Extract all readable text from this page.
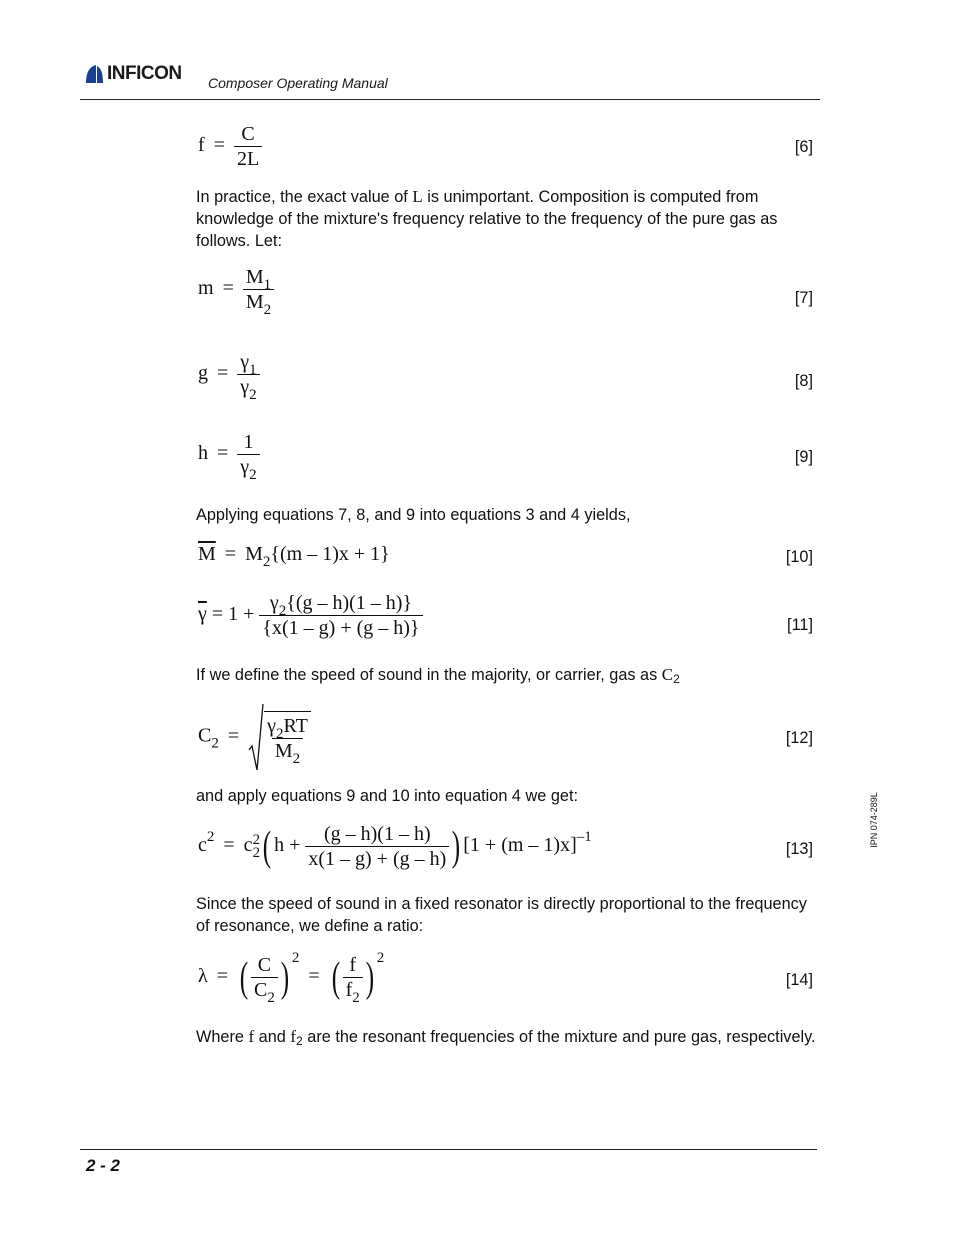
INFICON Composer Operating Manual
$f = \frac{C}{2L}$	[6]
In practice, the exact value of L is unimportant. Composition is computed from knowledge of the mixture's frequency relative to the frequency of the pure gas as follows. Let:
$m = \frac{M_1}{M_2}$	[7]
$g = \frac{\gamma_1}{\gamma_2}$	[8]
$h = \frac{1}{\gamma_2}$	[9]
Applying equations 7, 8, and 9 into equations 3 and 4 yields,
$\overline{M} = M_2\{(m - 1)x + 1\}$	[10]
$\overline{\gamma} = 1 + \frac{\gamma_2\{(g - h)(1 - h)\}}{\{x(1 - g) + (g - h)\}}$	[11]
If we define the speed of sound in the majority, or carrier, gas as $C_2$
$C_2 = \frac{\gamma_2RT}{M_2}$	[12]
and apply equations 9 and 10 into equation 4 we get:
$c^2 = c$ 2
2 ( $h + \frac{(g - h)(1 - h)}{x(1 - g) + (g - h)}$ ) $[1 + (m - 1)x]^{-1}$
[13]
Since the speed of sound in a fixed resonator is directly proportional to the frequency of resonance, we define a ratio:
λ = ( $\frac{C}{C_2}$ ) $^2$= ( $\frac{f}{f_2}$ ) $^2$
[14]
Where f and $f_2$ are the resonant frequencies of the mixture and pure gas, respectively.
IPN 074-289L
2 - 2
